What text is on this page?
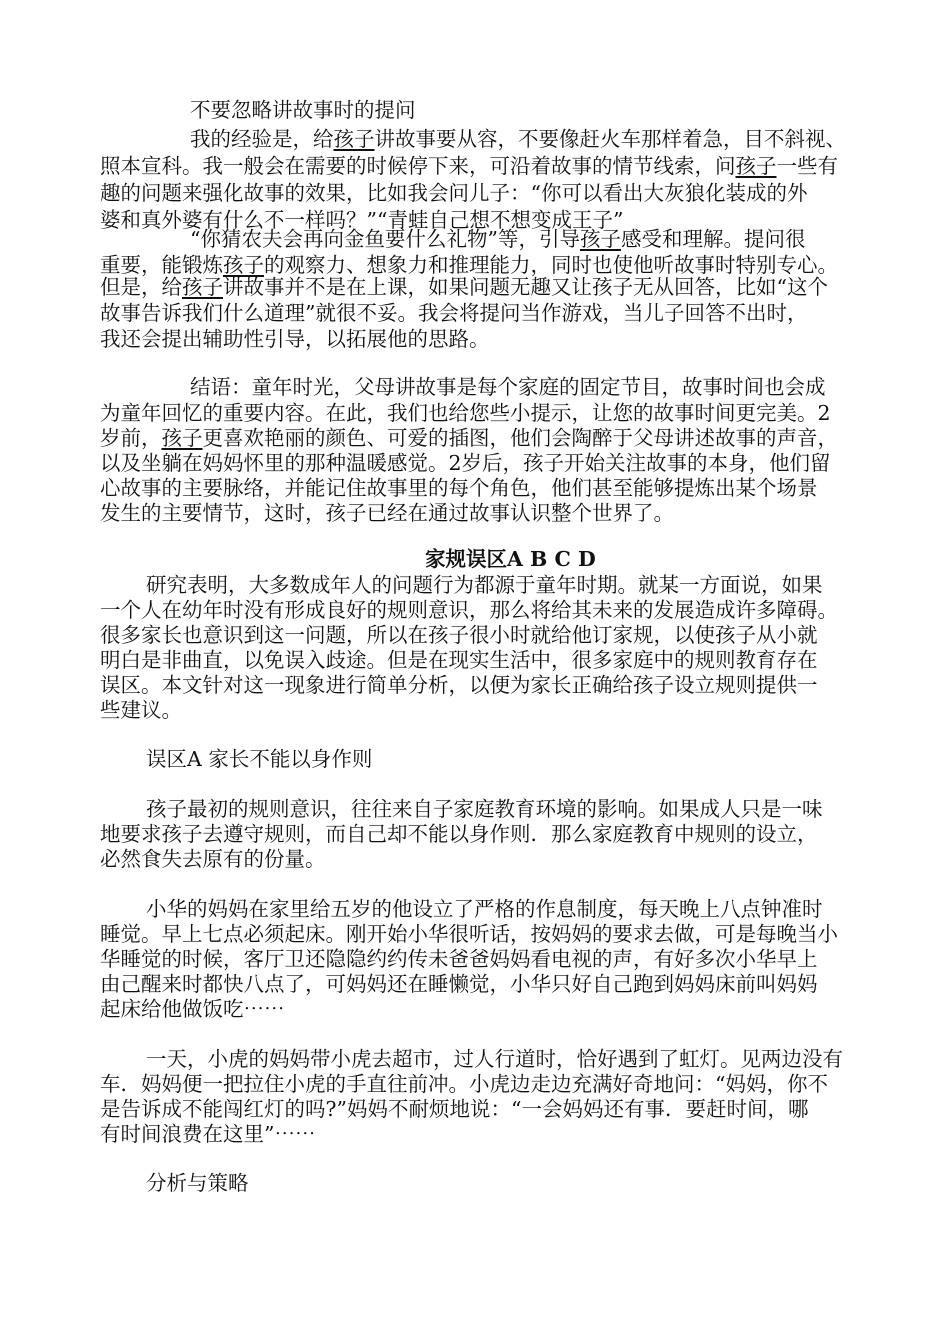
不要忽略讲故事时的提问
我的经验是，给孩子讲故事要从容，不要像赶火车那样着急，目不斜视、
照本宣科。我一般会在需要的时候停下来，可沿着故事的情节线索，问孩子一些有
趣的问题来强化故事的效果，比如我会问儿子：“你可以看出大灰狼化装成的外
婆和真外婆有什么不一样吗？”“青蛙自己想不想变成王子”
“你猜农夫会再向金鱼要什么礼物”等，引导孩子感受和理解。提问很
重要，能锻炼孩子的观察力、想象力和推理能力，同时也使他听故事时特别专心。
但是，给孩子讲故事并不是在上课，如果问题无趣又让孩子无从回答，比如“这个
故事告诉我们什么道理”就很不妥。我会将提问当作游戏，当儿子回答不出时，
我还会提出辅助性引导，以拓展他的思路。
结语：童年时光，父母讲故事是每个家庭的固定节目，故事时间也会成
为童年回忆的重要内容。在此，我们也给您些小提示，让您的故事时间更完美。2
岁前，孩子更喜欢艳丽的颜色、可爱的插图，他们会陶醉于父母讲述故事的声音，
以及坐躺在妈妈怀里的那种温暖感觉。2岁后，孩子开始关注故事的本身，他们留
心故事的主要脉络，并能记住故事里的每个角色，他们甚至能够提炼出某个场景
发生的主要情节，这时，孩子已经在通过故事认识整个世界了。
家规误区A B C D
研究表明，大多数成年人的问题行为都源于童年时期。就某一方面说，如果
一个人在幼年时没有形成良好的规则意识，那么将给其未来的发展造成许多障碍。
很多家长也意识到这一问题，所以在孩子很小时就给他订家规，以使孩子从小就
明白是非曲直，以免误入歧途。但是在现实生活中，很多家庭中的规则教育存在
误区。本文针对这一现象进行简单分析，以便为家长正确给孩子设立规则提供一
些建议。
误区A 家长不能以身作则
孩子最初的规则意识，往往来自子家庭教育环境的影响。如果成人只是一味
地要求孩子去遵守规则，而自己却不能以身作则．那么家庭教育中规则的设立，
必然食失去原有的份量。
小华的妈妈在家里给五岁的他设立了严格的作息制度，每天晚上八点钟准时
睡觉。早上七点必须起床。刚开始小华很听话，按妈妈的要求去做，可是每晚当小
华睡觉的时候，客厅卫还隐隐约约传未爸爸妈妈看电视的声，有好多次小华早上
由己醒来时都快八点了，可妈妈还在睡懒觉，小华只好自己跑到妈妈床前叫妈妈
起床给他做饭吃⋯⋯
一天，小虎的妈妈带小虎去超市，过人行道时，恰好遇到了虹灯。见两边没有
车．妈妈便一把拉住小虎的手直往前冲。小虎边走边充满好奇地问：“妈妈，你不
是告诉成不能闯红灯的吗?”妈妈不耐烦地说：“一会妈妈还有事．要赶时间，哪
有时间浪费在这里”⋯⋯
分析与策略
